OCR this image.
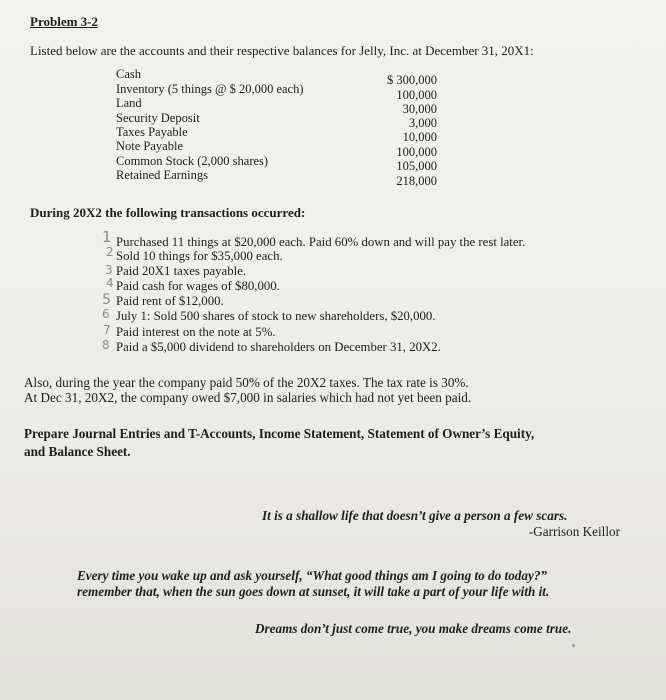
Problem 3-2
Listed below are the accounts and their respective balances for Jelly, Inc. at December 31, 20X1:
Cash	$ 300,000
Inventory (5 things @ $ 20,000 each)	100,000
Land	30,000
Security Deposit	3,000
Taxes Payable	10,000
Note Payable	100,000
Common Stock (2,000 shares)	105,000
Retained Earnings	218,000
During 20X2 the following transactions occurred:
1 Purchased 11 things at $20,000 each. Paid 60% down and will pay the rest later.
2 Sold 10 things for $35,000 each.
3 Paid 20X1 taxes payable.
4 Paid cash for wages of $80,000.
5 Paid rent of $12,000.
6 July 1: Sold 500 shares of stock to new shareholders, $20,000.
7 Paid interest on the note at 5%.
8 Paid a $5,000 dividend to shareholders on December 31, 20X2.
Also, during the year the company paid 50% of the 20X2 taxes. The tax rate is 30%.
At Dec 31, 20X2, the company owed $7,000 in salaries which had not yet been paid.
Prepare Journal Entries and T-Accounts, Income Statement, Statement of Owner’s Equity,
and Balance Sheet.
It is a shallow life that doesn’t give a person a few scars.
-Garrison Keillor
Every time you wake up and ask yourself, “What good things am I going to do today?”
remember that, when the sun goes down at sunset, it will take a part of your life with it.
Dreams don’t just come true, you make dreams come true.
